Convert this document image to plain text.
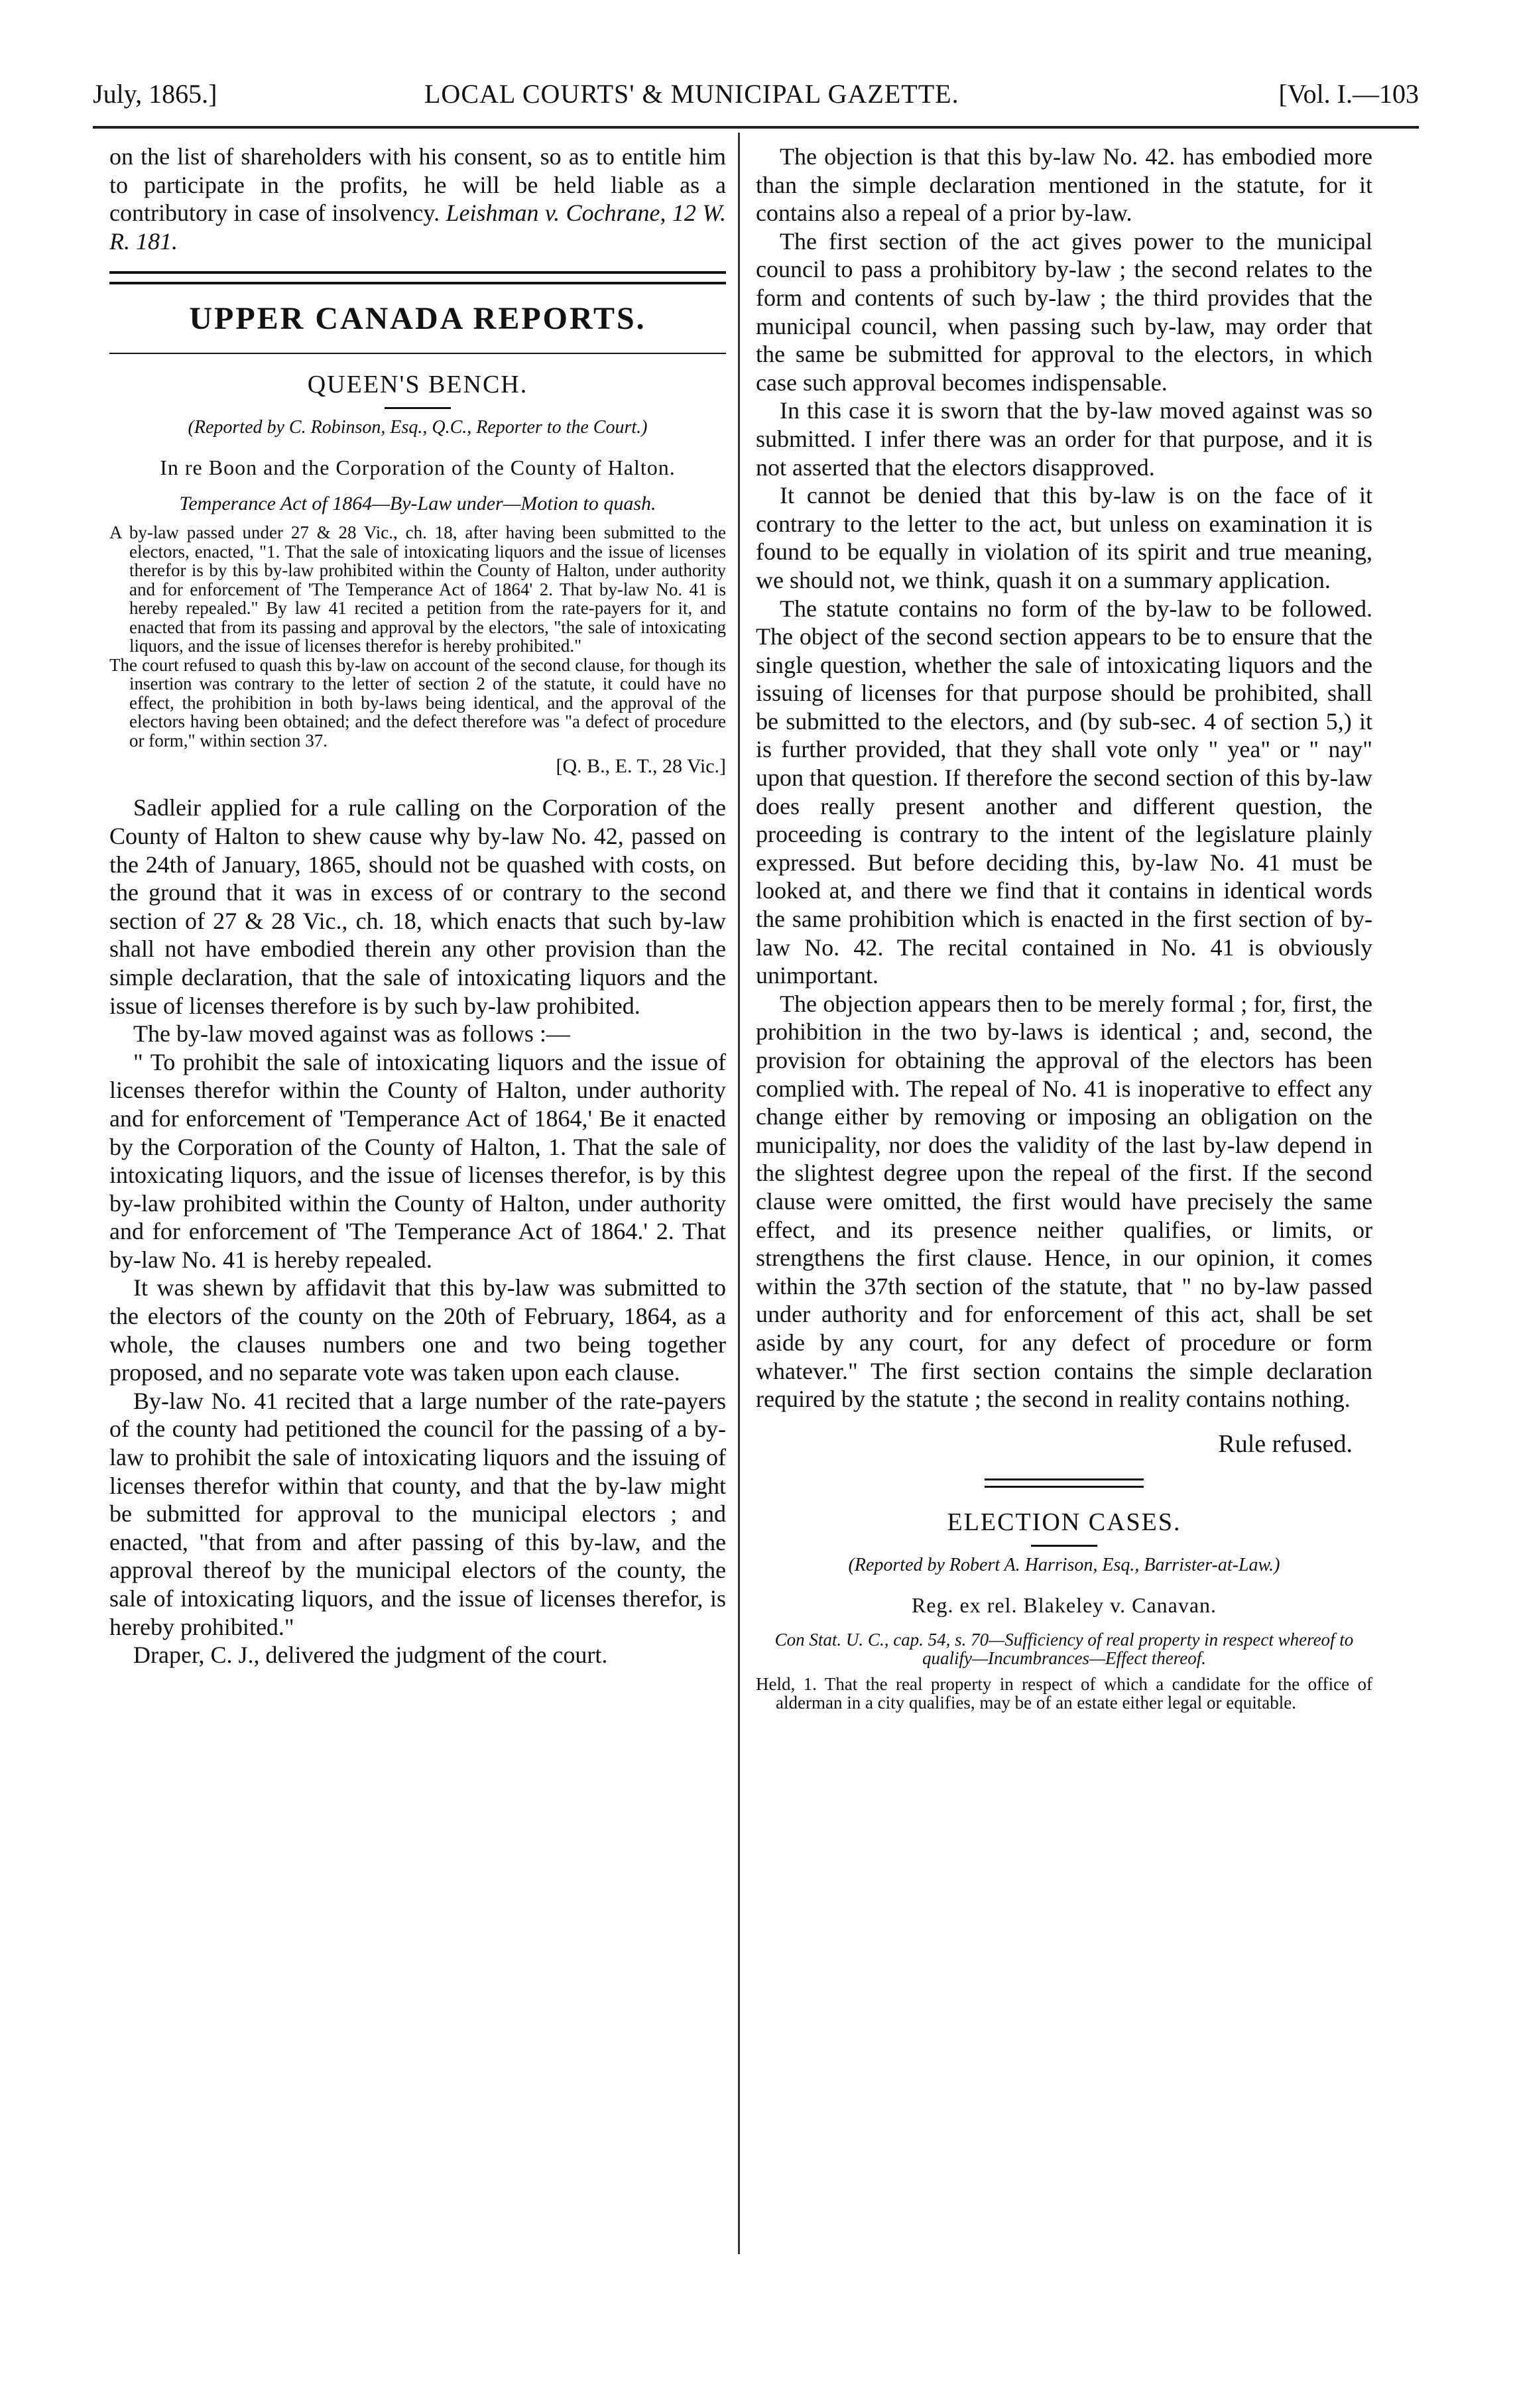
July, 1865.]	LOCAL COURTS' & MUNICIPAL GAZETTE.	[Vol. I.—103

on the list of shareholders with his consent, so as to entitle him to participate in the profits, he will be held liable as a contributory in case of insolvency. Leishman v. Cochrane, 12 W. R. 181.

UPPER CANADA REPORTS.
QUEEN'S BENCH.
(Reported by C. Robinson, Esq., Q.C., Reporter to the Court.)
In re Boon and the Corporation of the County of Halton.
Temperance Act of 1864—By-Law under—Motion to quash.

A by-law passed under 27 & 28 Vic., ch. 18, after having been submitted to the electors, enacted, "1. That the sale of intoxicating liquors and the issue of licenses therefor is by this by-law prohibited within the County of Halton, under authority and for enforcement of 'The Temperance Act of 1864' 2. That by-law No. 41 is hereby repealed." By law 41 recited a petition from the rate-payers for it, and enacted that from its passing and approval by the electors, "the sale of intoxicating liquors, and the issue of licenses therefor is hereby prohibited."

The court refused to quash this by-law on account of the second clause, for though its insertion was contrary to the letter of section 2 of the statute, it could have no effect, the prohibition in both by-laws being identical, and the approval of the electors having been obtained; and the defect therefore was "a defect of procedure or form," within section 37.

[Q. B., E. T., 28 Vic.]

Sadleir applied for a rule calling on the Corporation of the County of Halton to shew cause why by-law No. 42, passed on the 24th of January, 1865, should not be quashed with costs, on the ground that it was in excess of or contrary to the second section of 27 & 28 Vic., ch. 18, which enacts that such by-law shall not have embodied therein any other provision than the simple declaration, that the sale of intoxicating liquors and the issue of licenses therefore is by such by-law prohibited.

The by-law moved against was as follows :—

" To prohibit the sale of intoxicating liquors and the issue of licenses therefor within the County of Halton, under authority and for enforcement of 'Temperance Act of 1864,' Be it enacted by the Corporation of the County of Halton, 1. That the sale of intoxicating liquors, and the issue of licenses therefor, is by this by-law prohibited within the County of Halton, under authority and for enforcement of 'The Temperance Act of 1864.' 2. That by-law No. 41 is hereby repealed.

It was shewn by affidavit that this by-law was submitted to the electors of the county on the 20th of February, 1864, as a whole, the clauses numbers one and two being together proposed, and no separate vote was taken upon each clause.

By-law No. 41 recited that a large number of the rate-payers of the county had petitioned the council for the passing of a by-law to prohibit the sale of intoxicating liquors and the issuing of licenses therefor within that county, and that the by-law might be submitted for approval to the municipal electors ; and enacted, "that from and after passing of this by-law, and the approval thereof by the municipal electors of the county, the sale of intoxicating liquors, and the issue of licenses therefor, is hereby prohibited."

Draper, C. J., delivered the judgment of the court.

The objection is that this by-law No. 42. has embodied more than the simple declaration mentioned in the statute, for it contains also a repeal of a prior by-law.

The first section of the act gives power to the municipal council to pass a prohibitory by-law ; the second relates to the form and contents of such by-law ; the third provides that the municipal council, when passing such by-law, may order that the same be submitted for approval to the electors, in which case such approval becomes indispensable.

In this case it is sworn that the by-law moved against was so submitted. I infer there was an order for that purpose, and it is not asserted that the electors disapproved.

It cannot be denied that this by-law is on the face of it contrary to the letter to the act, but unless on examination it is found to be equally in violation of its spirit and true meaning, we should not, we think, quash it on a summary application.

The statute contains no form of the by-law to be followed. The object of the second section appears to be to ensure that the single question, whether the sale of intoxicating liquors and the issuing of licenses for that purpose should be prohibited, shall be submitted to the electors, and (by sub-sec. 4 of section 5,) it is further provided, that they shall vote only " yea" or " nay" upon that question. If therefore the second section of this by-law does really present another and different question, the proceeding is contrary to the intent of the legislature plainly expressed. But before deciding this, by-law No. 41 must be looked at, and there we find that it contains in identical words the same prohibition which is enacted in the first section of by-law No. 42. The recital contained in No. 41 is obviously unimportant.

The objection appears then to be merely formal ; for, first, the prohibition in the two by-laws is identical ; and, second, the provision for obtaining the approval of the electors has been complied with. The repeal of No. 41 is inoperative to effect any change either by removing or imposing an obligation on the municipality, nor does the validity of the last by-law depend in the slightest degree upon the repeal of the first. If the second clause were omitted, the first would have precisely the same effect, and its presence neither qualifies, or limits, or strengthens the first clause. Hence, in our opinion, it comes within the 37th section of the statute, that " no by-law passed under authority and for enforcement of this act, shall be set aside by any court, for any defect of procedure or form whatever." The first section contains the simple declaration required by the statute ; the second in reality contains nothing.

Rule refused.
ELECTION CASES.
(Reported by Robert A. Harrison, Esq., Barrister-at-Law.)
Reg. ex rel. Blakeley v. Canavan.

Con Stat. U. C., cap. 54, s. 70—Sufficiency of real property in respect whereof to qualify—Incumbrances—Effect thereof.

Held, 1. That the real property in respect of which a candidate for the office of alderman in a city qualifies, may be of an estate either legal or equitable.
